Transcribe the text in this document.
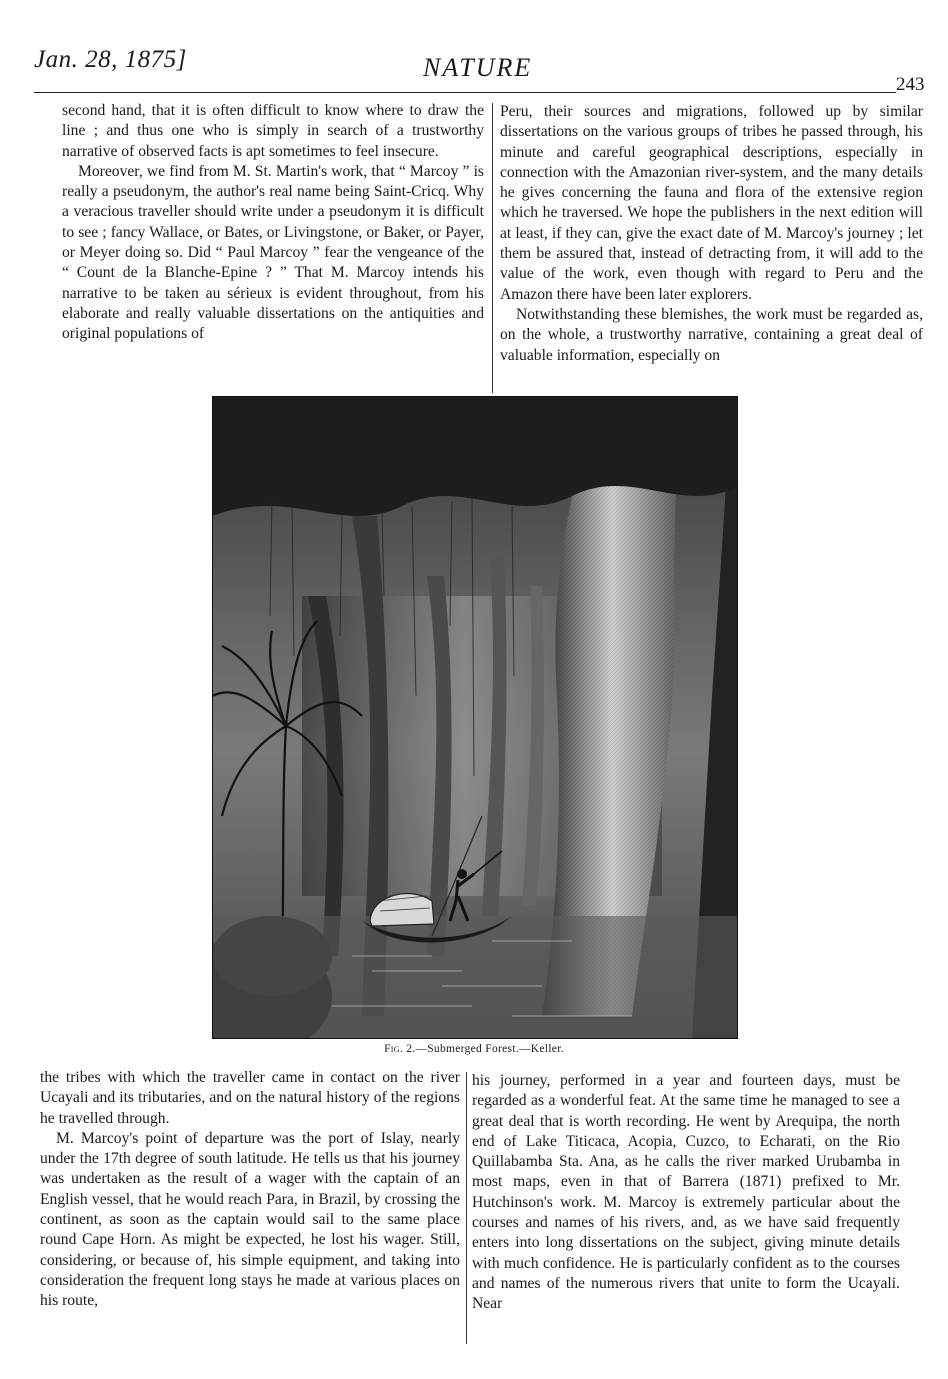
Jan. 28, 1875]	NATURE
243

second hand, that it is often difficult to know where to draw the line ; and thus one who is simply in search of a trustworthy narrative of observed facts is apt sometimes to feel insecure.

Moreover, we find from M. St. Martin's work, that “ Marcoy ” is really a pseudonym, the author's real name being Saint-Cricq. Why a veracious traveller should write under a pseudonym it is difficult to see ; fancy Wallace, or Bates, or Livingstone, or Baker, or Payer, or Meyer doing so. Did “ Paul Marcoy ” fear the vengeance of the “ Count de la Blanche-Epine ? ” That M. Marcoy intends his narrative to be taken au sérieux is evident throughout, from his elaborate and really valuable dissertations on the antiquities and original populations of

Peru, their sources and migrations, followed up by similar dissertations on the various groups of tribes he passed through, his minute and careful geographical descriptions, especially in connection with the Amazonian river-system, and the many details he gives concerning the fauna and flora of the extensive region which he traversed. We hope the publishers in the next edition will at least, if they can, give the exact date of M. Marcoy's journey ; let them be assured that, instead of detracting from, it will add to the value of the work, even though with regard to Peru and the Amazon there have been later explorers.

Notwithstanding these blemishes, the work must be regarded as, on the whole, a trustworthy narrative, containing a great deal of valuable information, especially on

Fig. 2.—Submerged Forest.—Keller.

the tribes with which the traveller came in contact on the river Ucayali and its tributaries, and on the natural history of the regions he travelled through.

M. Marcoy's point of departure was the port of Islay, nearly under the 17th degree of south latitude. He tells us that his journey was undertaken as the result of a wager with the captain of an English vessel, that he would reach Para, in Brazil, by crossing the continent, as soon as the captain would sail to the same place round Cape Horn. As might be expected, he lost his wager. Still, considering, or because of, his simple equipment, and taking into consideration the frequent long stays he made at various places on his route,

his journey, performed in a year and fourteen days, must be regarded as a wonderful feat. At the same time he managed to see a great deal that is worth recording. He went by Arequipa, the north end of Lake Titicaca, Acopia, Cuzco, to Echarati, on the Rio Quillabamba Sta. Ana, as he calls the river marked Urubamba in most maps, even in that of Barrera (1871) prefixed to Mr. Hutchinson's work. M. Marcoy is extremely particular about the courses and names of his rivers, and, as we have said frequently enters into long dissertations on the subject, giving minute details with much confidence. He is particularly confident as to the courses and names of the numerous rivers that unite to form the Ucayali. Near
